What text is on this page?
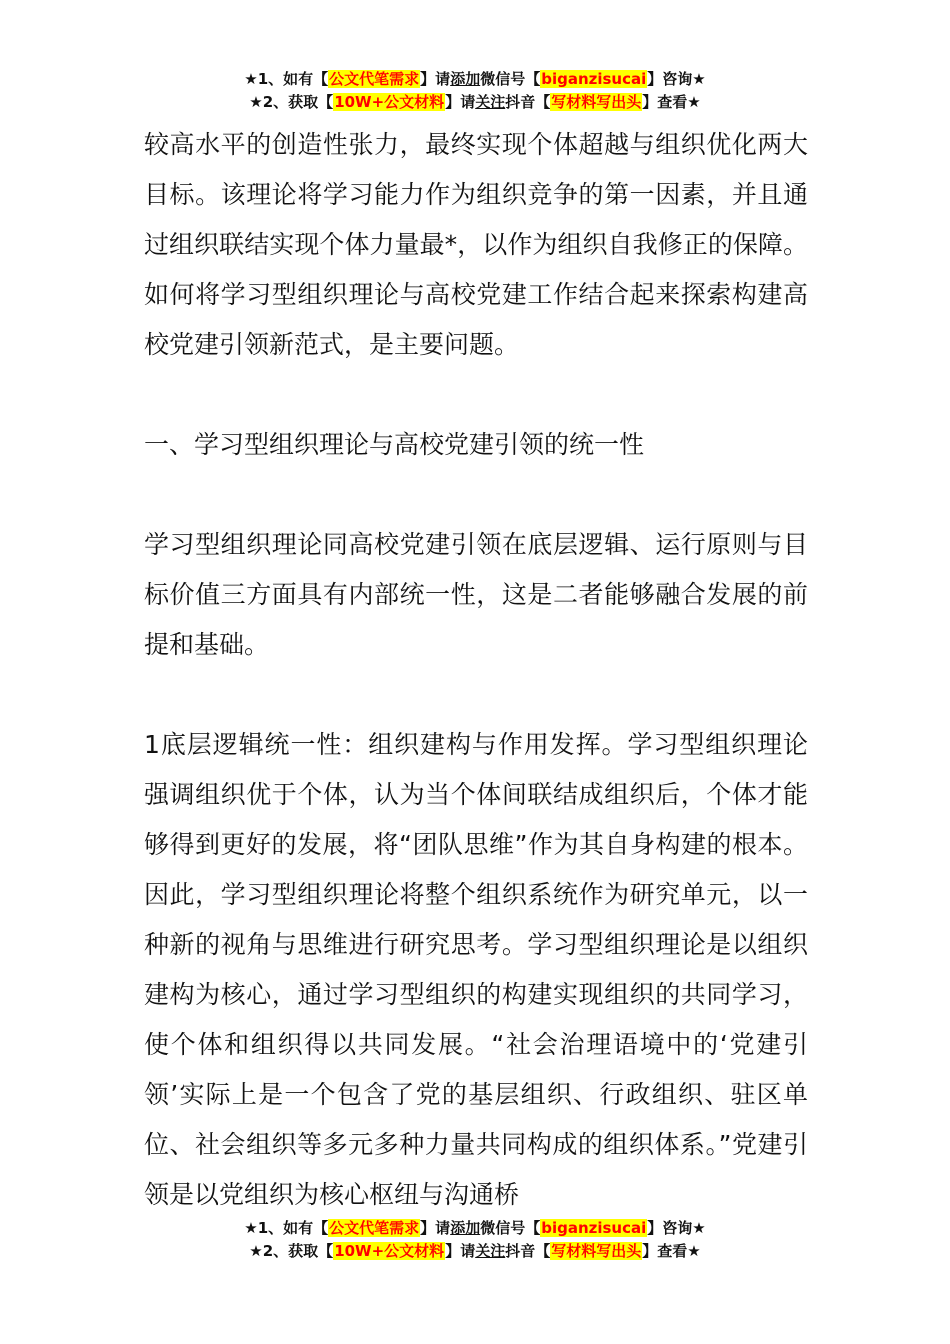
★1、如有【公文代笔需求】请添加微信号【biganzisucai】咨询★
★2、获取【10W+公文材料】请关注抖音【写材料写出头】查看★

较高水平的创造性张力，最终实现个体超越与组织优化两大目标。该理论将学习能力作为组织竞争的第一因素，并且通过组织联结实现个体力量最*，以作为组织自我修正的保障。如何将学习型组织理论与高校党建工作结合起来探索构建高校党建引领新范式，是主要问题。

一、学习型组织理论与高校党建引领的统一性

学习型组织理论同高校党建引领在底层逻辑、运行原则与目标价值三方面具有内部统一性，这是二者能够融合发展的前提和基础。

1底层逻辑统一性：组织建构与作用发挥。学习型组织理论强调组织优于个体，认为当个体间联结成组织后，个体才能够得到更好的发展，将“团队思维”作为其自身构建的根本。因此，学习型组织理论将整个组织系统作为研究单元，以一种新的视角与思维进行研究思考。学习型组织理论是以组织建构为核心，通过学习型组织的构建实现组织的共同学习，使个体和组织得以共同发展。“社会治理语境中的‘党建引领’实际上是一个包含了党的基层组织、行政组织、驻区单位、社会组织等多元多种力量共同构成的组织体系。”党建引领是以党组织为核心枢纽与沟通桥

★1、如有【公文代笔需求】请添加微信号【biganzisucai】咨询★
★2、获取【10W+公文材料】请关注抖音【写材料写出头】查看★
